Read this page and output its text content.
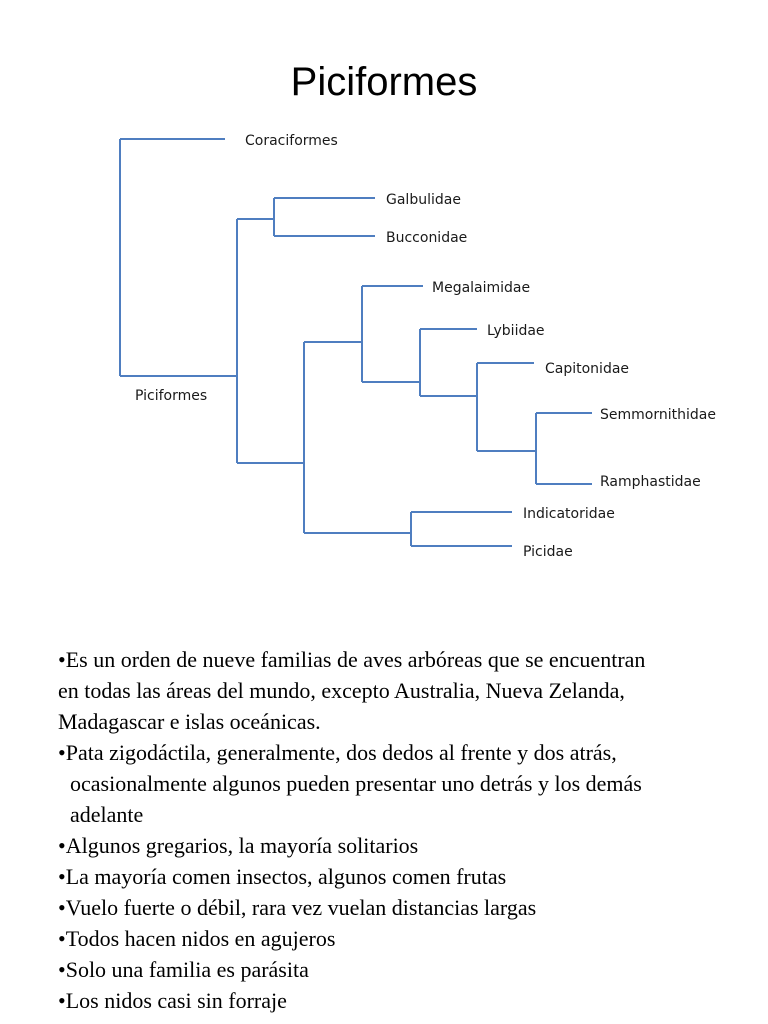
Piciformes
Coraciformes
Piciformes
Galbulidae
Bucconidae
Megalaimidae
Lybiidae
Capitonidae
Semmornithidae
Ramphastidae
Indicatoridae
Picidae
•Es un orden de nueve familias de aves arbóreas que se encuentran
en todas las áreas del mundo, excepto Australia, Nueva Zelanda,
Madagascar e islas oceánicas.
•Pata zigodáctila, generalmente, dos dedos al frente y dos atrás,
ocasionalmente algunos pueden presentar uno detrás y los demás
adelante
•Algunos gregarios, la mayoría solitarios
•La mayoría comen insectos, algunos comen frutas
•Vuelo fuerte o débil, rara vez vuelan distancias largas
•Todos hacen nidos en agujeros
•Solo una familia es parásita
•Los nidos casi sin forraje
